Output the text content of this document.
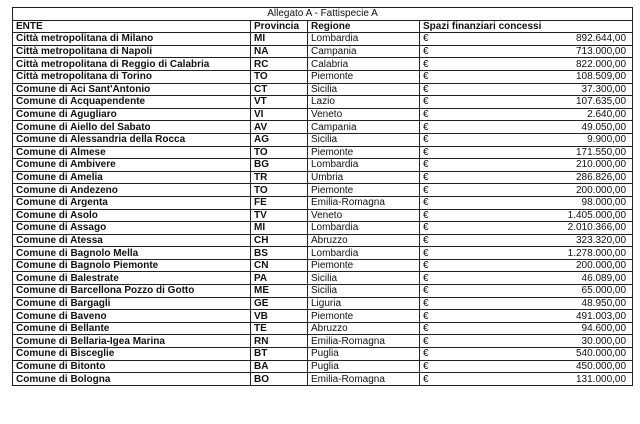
Allegato A - Fattispecie A				
ENTE	Provincia	Regione	Spazi finanziari concessi	
Città metropolitana di Milano	MI	Lombardia	€	892.644,00
Città metropolitana di Napoli	NA	Campania	€	713.000,00
Città metropolitana di Reggio di Calabria	RC	Calabria	€	822.000,00
Città metropolitana di Torino	TO	Piemonte	€	108.509,00
Comune di Aci Sant'Antonio	CT	Sicilia	€	37.300,00
Comune di Acquapendente	VT	Lazio	€	107.635,00
Comune di Agugliaro	VI	Veneto	€	2.640,00
Comune di Aiello del Sabato	AV	Campania	€	49.050,00
Comune di Alessandria della Rocca	AG	Sicilia	€	9.900,00
Comune di Almese	TO	Piemonte	€	171.550,00
Comune di Ambivere	BG	Lombardia	€	210.000,00
Comune di Amelia	TR	Umbria	€	286.826,00
Comune di Andezeno	TO	Piemonte	€	200.000,00
Comune di Argenta	FE	Emilia-Romagna	€	98.000,00
Comune di Asolo	TV	Veneto	€	1.405.000,00
Comune di Assago	MI	Lombardia	€	2.010.366,00
Comune di Atessa	CH	Abruzzo	€	323.320,00
Comune di Bagnolo Mella	BS	Lombardia	€	1.278.000,00
Comune di Bagnolo Piemonte	CN	Piemonte	€	200.000,00
Comune di Balestrate	PA	Sicilia	€	46.089,00
Comune di Barcellona Pozzo di Gotto	ME	Sicilia	€	65.000,00
Comune di Bargagli	GE	Liguria	€	48.950,00
Comune di Baveno	VB	Piemonte	€	491.003,00
Comune di Bellante	TE	Abruzzo	€	94.600,00
Comune di Bellaria-Igea Marina	RN	Emilia-Romagna	€	30.000,00
Comune di Bisceglie	BT	Puglia	€	540.000,00
Comune di Bitonto	BA	Puglia	€	450.000,00
Comune di Bologna	BO	Emilia-Romagna	€	131.000,00
